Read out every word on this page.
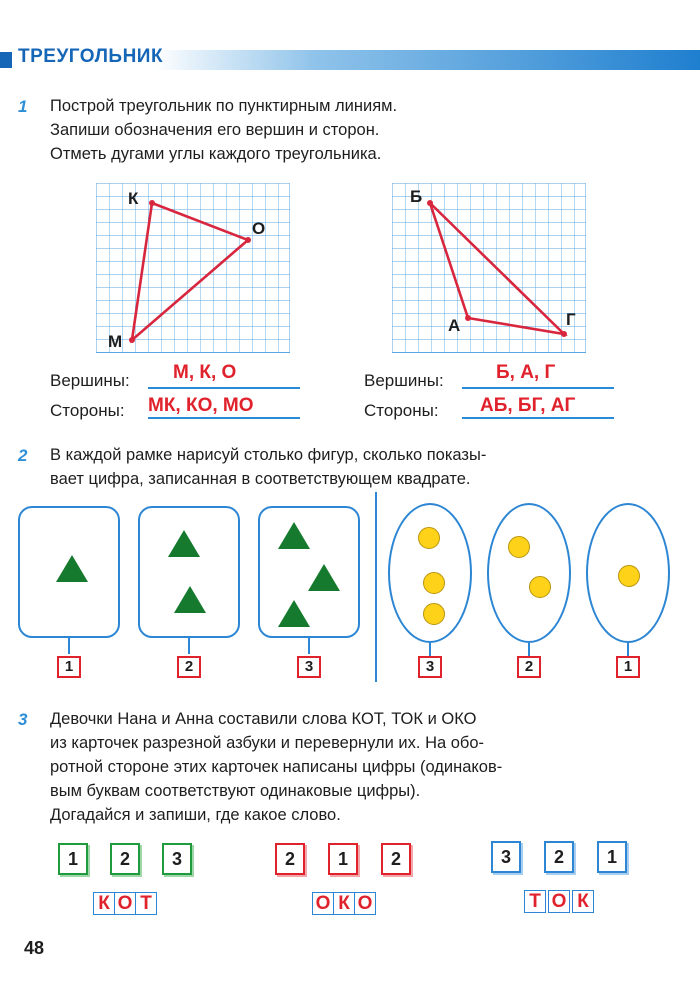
ТРЕУГОЛЬНИК
1 Построй треугольник по пунктирным линиям.
Запиши обозначения его вершин и сторон.
Отметь дугами углы каждого треугольника.
К
О
М
Б
А	Г
Вершины: М, К, О
Стороны: МК, КО, МО
Вершины:	Б, А, Г
Стороны: АБ, БГ, АГ
2 В каждой рамке нарисуй столько фигур, сколько показы-
вает цифра, записанная в соответствующем квадрате.
1	2	3	3	2	1
3 Девочки Нана и Анна составили слова КОТ, ТОК и ОКО
из карточек разрезной азбуки и перевернули их. На обо-
ротной стороне этих карточек написаны цифры (одинаков-
вым буквам соответствуют одинаковые цифры).
Догадайся и запиши, где какое слово.
1	2	3
К О Т
2	1	2
О К О
3	2	1
Т О К
48
